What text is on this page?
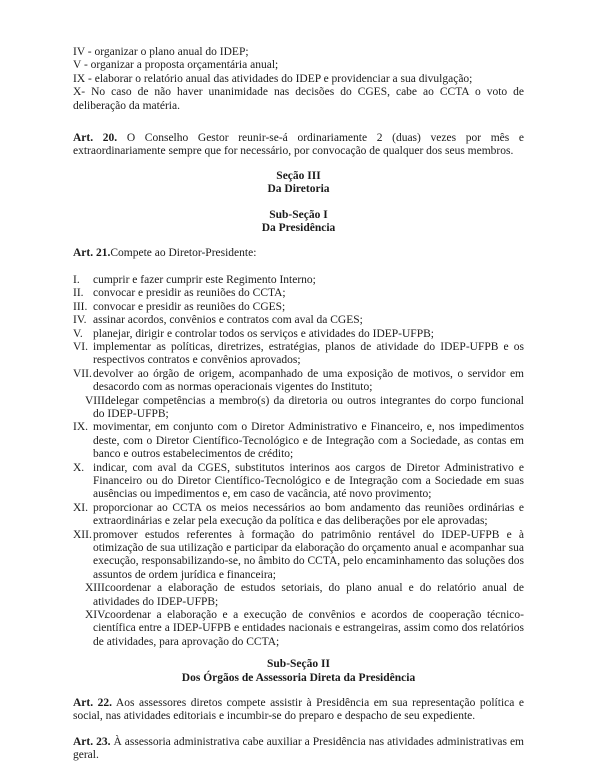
IV - organizar o plano anual do IDEP;

V - organizar a proposta orçamentária anual;

IX - elaborar o relatório anual das atividades do IDEP e providenciar a sua divulgação;

X- No caso de não haver unanimidade nas decisões do CGES, cabe ao CCTA o voto de deliberação da matéria.

Art. 20. O Conselho Gestor reunir-se-á ordinariamente 2 (duas) vezes por mês e extraordinariamente sempre que for necessário, por convocação de qualquer dos seus membros.

Seção III

Da Diretoria

Sub-Seção I

Da Presidência

Art. 21.Compete ao Diretor-Presidente:

I. cumprir e fazer cumprir este Regimento Interno;
II. convocar e presidir as reuniões do CCTA;
III. convocar e presidir as reuniões do CGES;
IV. assinar acordos, convênios e contratos com aval da CGES;
V. planejar, dirigir e controlar todos os serviços e atividades do IDEP-UFPB;
VI. implementar as políticas, diretrizes, estratégias, planos de atividade do IDEP-UFPB e os respectivos contratos e convênios aprovados;
VII. devolver ao órgão de origem, acompanhado de uma exposição de motivos, o servidor em desacordo com as normas operacionais vigentes do Instituto;
VIII.
delegar competências a membro(s) da diretoria ou outros integrantes do corpo funcional do IDEP-UFPB;
IX. movimentar, em conjunto com o Diretor Administrativo e Financeiro, e, nos impedimentos deste, com o Diretor Científico-Tecnológico e de Integração com a Sociedade, as contas em banco e outros estabelecimentos de crédito;
X. indicar, com aval da CGES, substitutos interinos aos cargos de Diretor Administrativo e Financeiro ou do Diretor Científico-Tecnológico e de Integração com a Sociedade em suas ausências ou impedimentos e, em caso de vacância, até novo provimento;
XI. proporcionar ao CCTA os meios necessários ao bom andamento das reuniões ordinárias e extraordinárias e zelar pela execução da política e das deliberações por ele aprovadas;
XII. promover estudos referentes à formação do patrimônio rentável do IDEP-UFPB e à otimização de sua utilização e participar da elaboração do orçamento anual e acompanhar sua execução, responsabilizando-se, no âmbito do CCTA, pelo encaminhamento das soluções dos assuntos de ordem jurídica e financeira;
XIII.
coordenar a elaboração de estudos setoriais, do plano anual e do relatório anual de atividades do IDEP-UFPB;
XIV.
coordenar a elaboração e a execução de convênios e acordos de cooperação técnico-científica entre a IDEP-UFPB e entidades nacionais e estrangeiras, assim como dos relatórios de atividades, para aprovação do CCTA;

Sub-Seção II

Dos Órgãos de Assessoria Direta da Presidência

Art. 22. Aos assessores diretos compete assistir à Presidência em sua representação política e social, nas atividades editoriais e incumbir-se do preparo e despacho de seu expediente.

Art. 23. À assessoria administrativa cabe auxiliar a Presidência nas atividades administrativas em geral.
